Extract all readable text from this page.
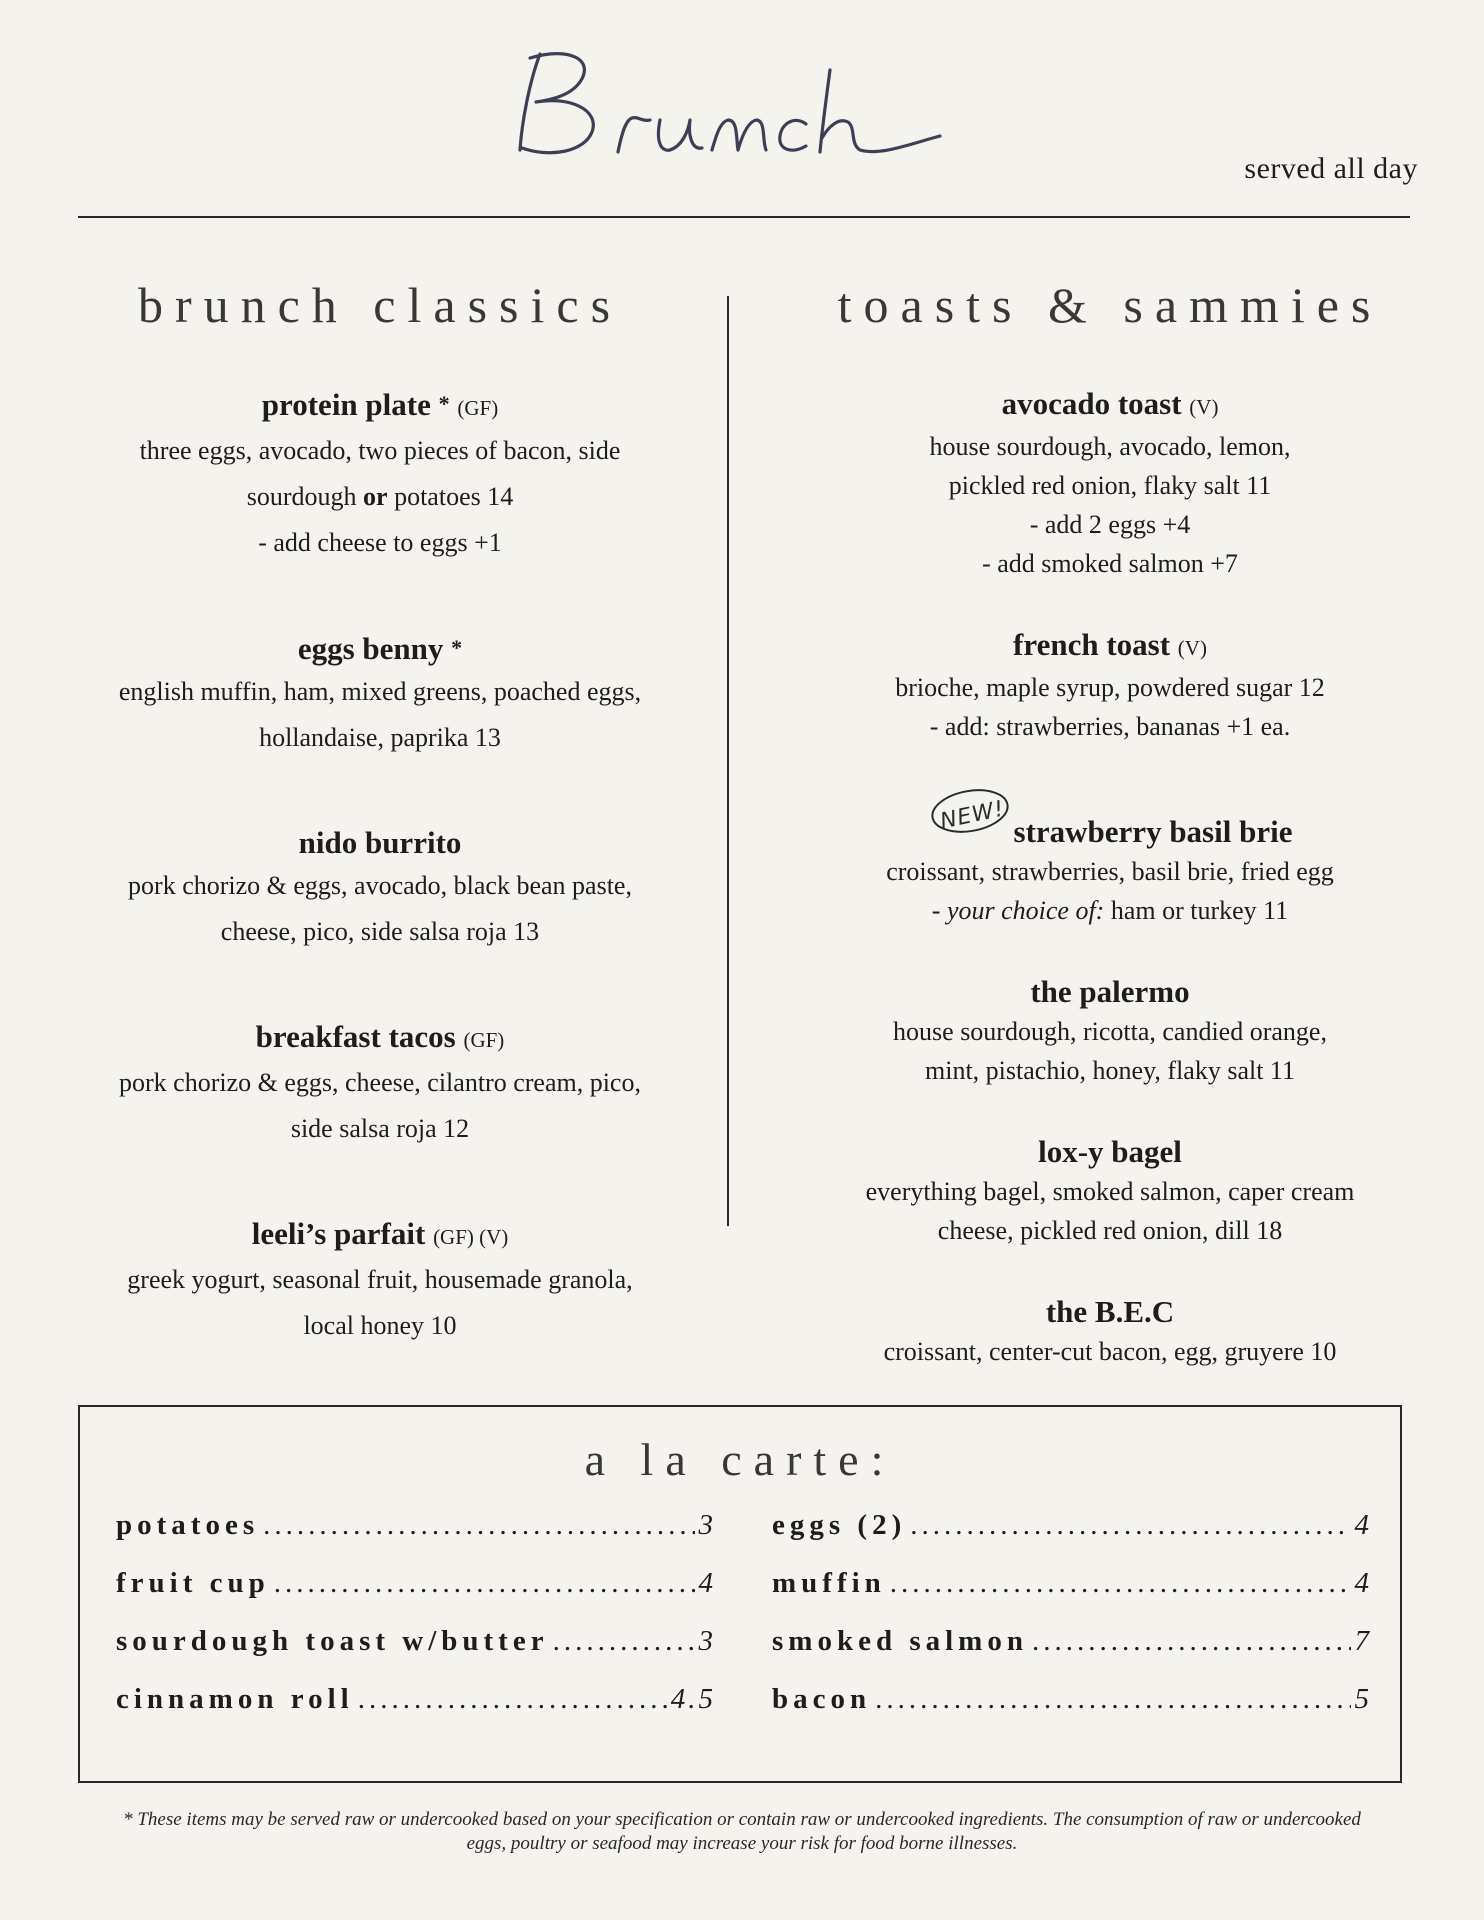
served all day
brunch classics
protein plate * (GF)
three eggs, avocado, two pieces of bacon, side
sourdough or potatoes 14
- add cheese to eggs +1
eggs benny *
english muffin, ham, mixed greens, poached eggs,
hollandaise, paprika 13
nido burrito
pork chorizo & eggs, avocado, black bean paste,
cheese, pico, side salsa roja 13
breakfast tacos (GF)
pork chorizo & eggs, cheese, cilantro cream, pico,
side salsa roja 12
leeli’s parfait (GF) (V)
greek yogurt, seasonal fruit, housemade granola,
local honey 10
toasts & sammies
avocado toast (V)
house sourdough, avocado, lemon,
pickled red onion, flaky salt 11
- add 2 eggs +4
- add smoked salmon +7
french toast (V)
brioche, maple syrup, powdered sugar 12
- add: strawberries, bananas +1 ea.
NEW! strawberry basil brie
croissant, strawberries, basil brie, fried egg
- your choice of: ham or turkey 11
the palermo
house sourdough, ricotta, candied orange,
mint, pistachio, honey, flaky salt 11
lox-y bagel
everything bagel, smoked salmon, caper cream
cheese, pickled red onion, dill 18
the B.E.C
croissant, center-cut bacon, egg, gruyere 10
a la carte:
potatoes .....	3 eggs (2) .....	4
fruit cup .....	4 muffin .....	4
sourdough toast w/butter .....	3 smoked salmon .....	7
cinnamon roll .....	4.5 bacon .....	5
* These items may be served raw or undercooked based on your specification or contain raw or undercooked ingredients. The consumption of raw or undercooked eggs, poultry or seafood may increase your risk for food borne illnesses.
